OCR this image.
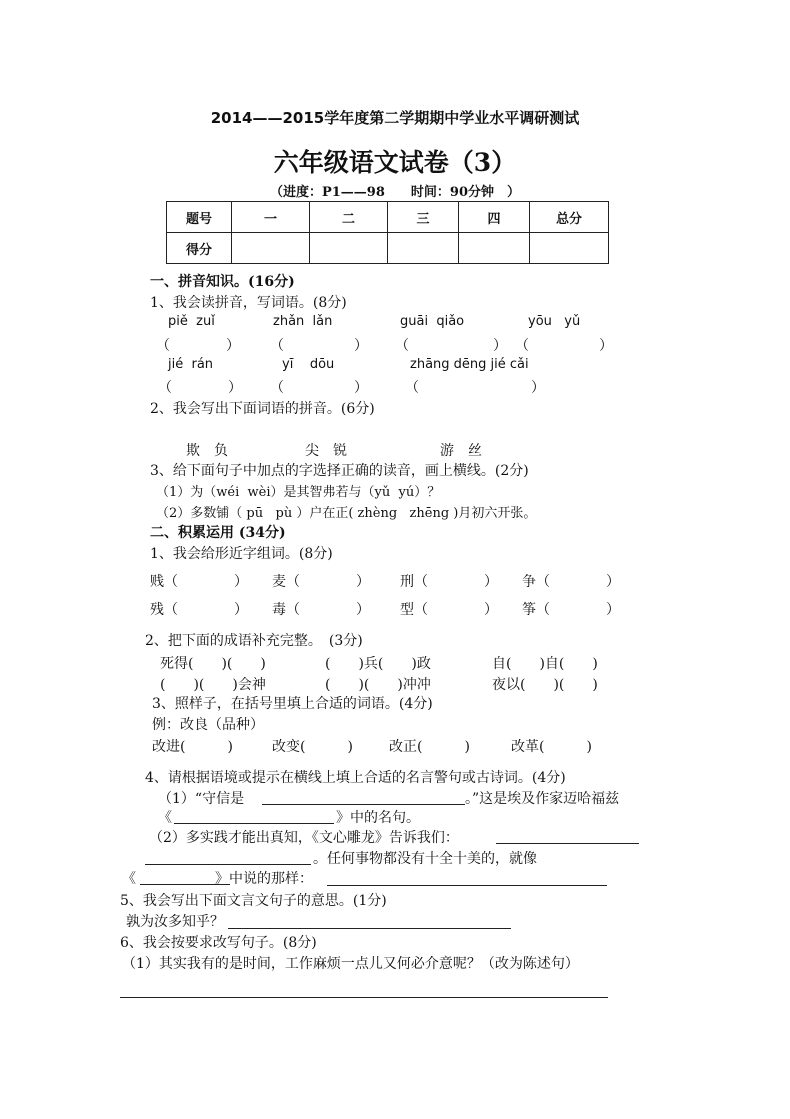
2014——2015学年度第二学期期中学业水平调研测试
六年级语文试卷（3）
（进度：P1——98　　时间：90分钟　）
题号	一	二	三	四	总分
得分					
一、拼音知识。(16分)
1、我会读拼音，写词语。(8分)
piě  zuǐ	zhǎn  lǎn	guāi  qiǎo	yōu   yǔ
（　　　　） （　　　　　） （　　　　　　） （　　　　　）
jié  rán	yī    dōu	zhāng dēng jié cǎi
（　　　　） （　　　　　）	（　　　　　　　　）
2、我会写出下面词语的拼音。(6分)
欺　负	尖　锐	游　丝
3、给下面句子中加点的字选择正确的读音，画上横线。(2分)
（1）为（wéi  wèi）是其智弗若与（yǔ  yú）？
（2）多数铺（ pū   pù ）户在正( zhèng   zhēng )月初六开张。
二、积累运用 (34分)
1、我会给形近字组词。(8分)
贱（　　　　） 麦（　　　　） 刑（　　　　） 争（　　　　）
残（　　　　） 毒（　　　　） 型（　　　　） 筝（　　　　）
2、把下面的成语补充完整。　(3分)
死得(　　)(　　)	(　　)兵(　　)政	自(　　)自(　　)
(　　)(　　)会神	(　　)(　　)冲冲	夜以(　　)(　　)
3、照样子，在括号里填上合适的词语。(4分)
例：改良（品种）
改进(　　　)	改变(　　　)	改正(　　　)	改革(　　　)
4、请根据语境或提示在横线上填上合适的名言警句或古诗词。(4分)
（1）“守信是	。”这是埃及作家迈哈福兹
《	》中的名句。
（2）多实践才能出真知，《文心雕龙》告诉我们：
。任何事物都没有十全十美的，就像
《	》中说的那样：
5、我会写出下面文言文句子的意思。(1分)
孰为汝多知乎？
6、我会按要求改写句子。(8分)
（1）其实我有的是时间，工作麻烦一点儿又何必介意呢？（改为陈述句）
